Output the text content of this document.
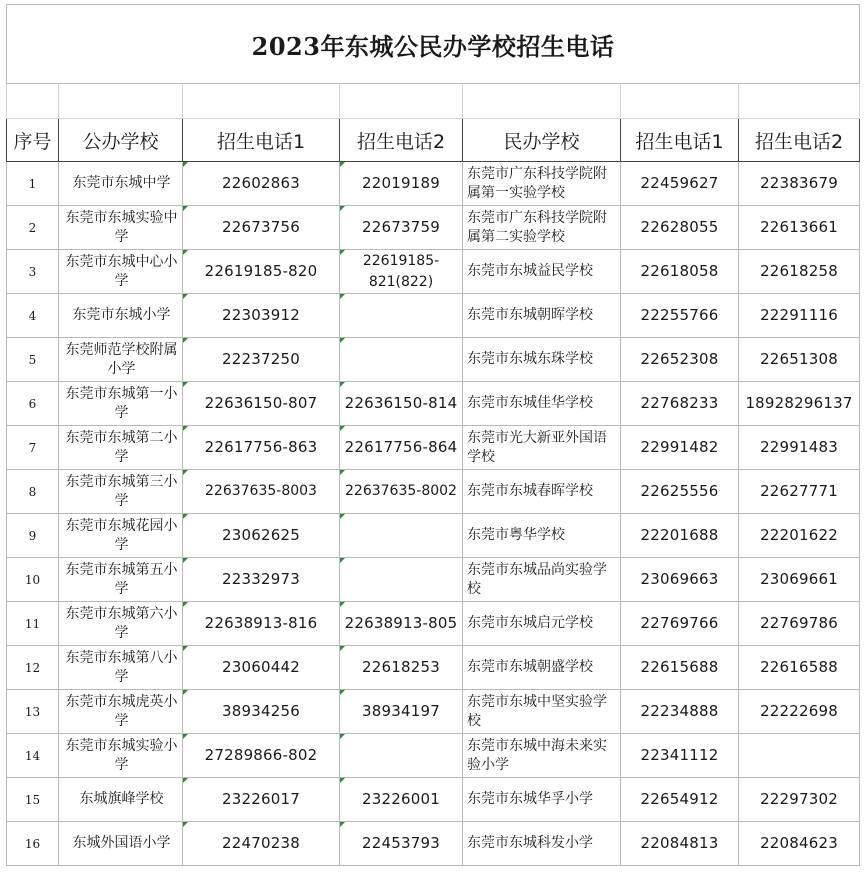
2023年东城公民办学校招生电话						

序号	公办学校	招生电话1	招生电话2	民办学校	招生电话1	招生电话2
1	东莞市东城中学	22602863	22019189	东莞市广东科技学院附属第一实验学校	22459627	22383679
2	东莞市东城实验中学	22673756	22673759	东莞市广东科技学院附属第二实验学校	22628055	22613661
3	东莞市东城中心小学	22619185-820	22619185-821(822)	东莞市东城益民学校	22618058	22618258
4	东莞市东城小学	22303912		东莞市东城朝晖学校	22255766	22291116
5	东莞师范学校附属小学	22237250		东莞市东城东珠学校	22652308	22651308
6	东莞市东城第一小学	22636150-807	22636150-814	东莞市东城佳华学校	22768233	18928296137
7	东莞市东城第二小学	22617756-863	22617756-864	东莞市光大新亚外国语学校	22991482	22991483
8	东莞市东城第三小学	22637635-8003	22637635-8002	东莞市东城春晖学校	22625556	22627771
9	东莞市东城花园小学	23062625		东莞市粤华学校	22201688	22201622
10	东莞市东城第五小学	22332973		东莞市东城品尚实验学校	23069663	23069661
11	东莞市东城第六小学	22638913-816	22638913-805	东莞市东城启元学校	22769766	22769786
12	东莞市东城第八小学	23060442	22618253	东莞市东城朝盛学校	22615688	22616588
13	东莞市东城虎英小学	38934256	38934197	东莞市东城中坚实验学校	22234888	22222698
14	东莞市东城实验小学	27289866-802		东莞市东城中海未来实验小学	22341112	
15	东城旗峰学校	23226017	23226001	东莞市东城华孚小学	22654912	22297302
16	东城外国语小学	22470238	22453793	东莞市东城科发小学	22084813	22084623
